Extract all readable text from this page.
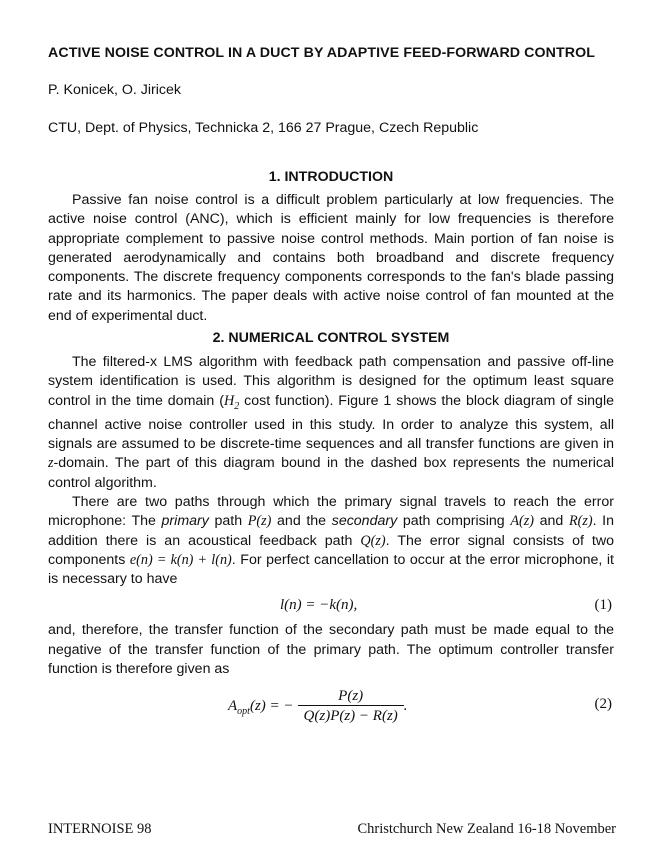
ACTIVE NOISE CONTROL IN A DUCT BY ADAPTIVE FEED-FORWARD CONTROL
P. Konicek, O. Jiricek
CTU, Dept. of Physics, Technicka 2, 166 27 Prague, Czech Republic
1. INTRODUCTION

Passive fan noise control is a difficult problem particularly at low frequencies. The active noise control (ANC), which is efficient mainly for low frequencies is therefore appropriate complement to passive noise control methods. Main portion of fan noise is generated aerodynamically and contains both broadband and discrete frequency components. The discrete frequency components corresponds to the fan's blade passing rate and its harmonics. The paper deals with active noise control of fan mounted at the end of experimental duct.

2. NUMERICAL CONTROL SYSTEM

The filtered-x LMS algorithm with feedback path compensation and passive off-line system identification is used. This algorithm is designed for the optimum least square control in the time domain ($H_2$ cost function). Figure 1 shows the block diagram of single channel active noise controller used in this study. In order to analyze this system, all signals are assumed to be discrete-time sequences and all transfer functions are given in z-domain. The part of this diagram bound in the dashed box represents the numerical control algorithm.

There are two paths through which the primary signal travels to reach the error microphone: The primary path P(z) and the secondary path comprising A(z) and R(z). In addition there is an acoustical feedback path Q(z). The error signal consists of two components e(n) = k(n) + l(n). For perfect cancellation to occur at the error microphone, it is necessary to have

l(n) = −k(n),	(1)

and, therefore, the transfer function of the secondary path must be made equal to the negative of the transfer function of the primary path. The optimum controller transfer function is therefore given as

$A_{opt}(z)$ = − $\frac{P(z)}{Q(z)P(z) - R(z)}$ .	(2)
INTERNOISE 98	Christchurch New Zealand 16-18 November
